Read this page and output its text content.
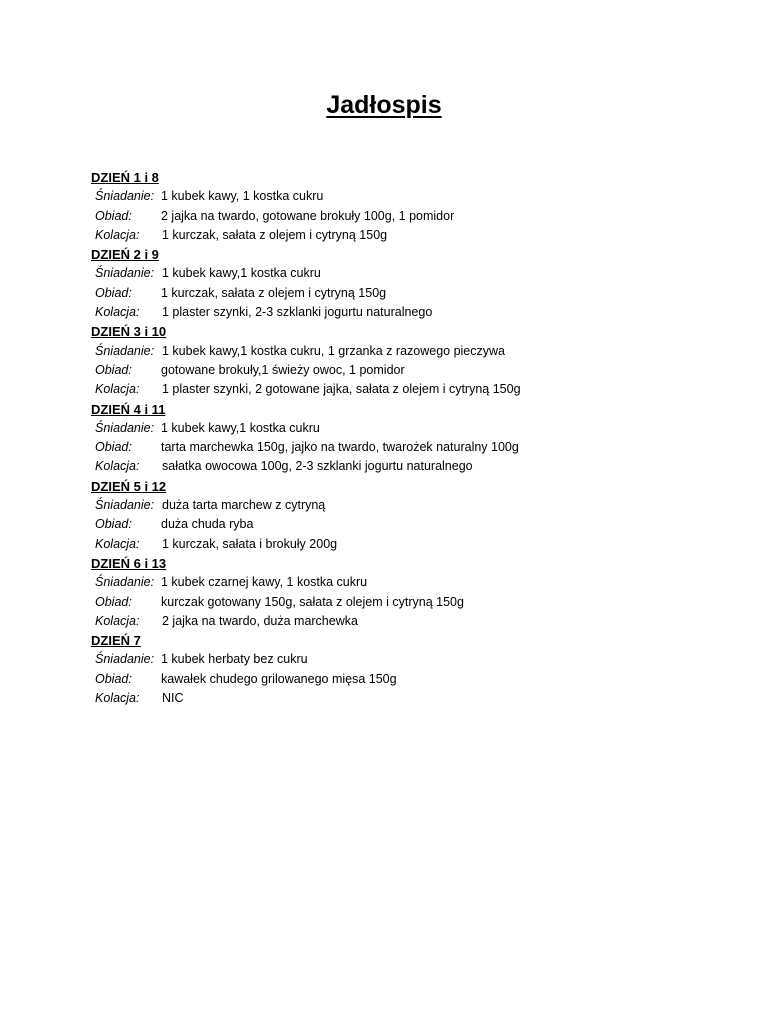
Jadłospis
DZIEŃ 1 i 8
Śniadanie: 1 kubek kawy, 1 kostka cukru
Obiad: 2 jajka na twardo, gotowane brokuły 100g, 1 pomidor
Kolacja: 1 kurczak, sałata z olejem i cytryną 150g
DZIEŃ 2 i 9
Śniadanie: 1 kubek kawy,1 kostka cukru
Obiad: 1 kurczak, sałata z olejem i cytryną 150g
Kolacja: 1 plaster szynki, 2-3 szklanki jogurtu naturalnego
DZIEŃ 3 i 10
Śniadanie: 1 kubek kawy,1 kostka cukru, 1 grzanka z razowego pieczywa
Obiad: gotowane brokuły,1 świeży owoc, 1 pomidor
Kolacja: 1 plaster szynki, 2 gotowane jajka, sałata z olejem i cytryną 150g
DZIEŃ 4 i 11
Śniadanie: 1 kubek kawy,1 kostka cukru
Obiad: tarta marchewka 150g, jajko na twardo, twarożek naturalny 100g
Kolacja: sałatka owocowa 100g, 2-3 szklanki jogurtu naturalnego
DZIEŃ 5 i 12
Śniadanie: duża tarta marchew z cytryną
Obiad: duża chuda ryba
Kolacja: 1 kurczak, sałata i brokuły 200g
DZIEŃ 6 i 13
Śniadanie: 1 kubek czarnej kawy, 1 kostka cukru
Obiad: kurczak gotowany 150g, sałata z olejem i cytryną 150g
Kolacja: 2 jajka na twardo, duża marchewka
DZIEŃ 7
Śniadanie: 1 kubek herbaty bez cukru
Obiad: kawałek chudego grilowanego mięsa 150g
Kolacja: NIC
